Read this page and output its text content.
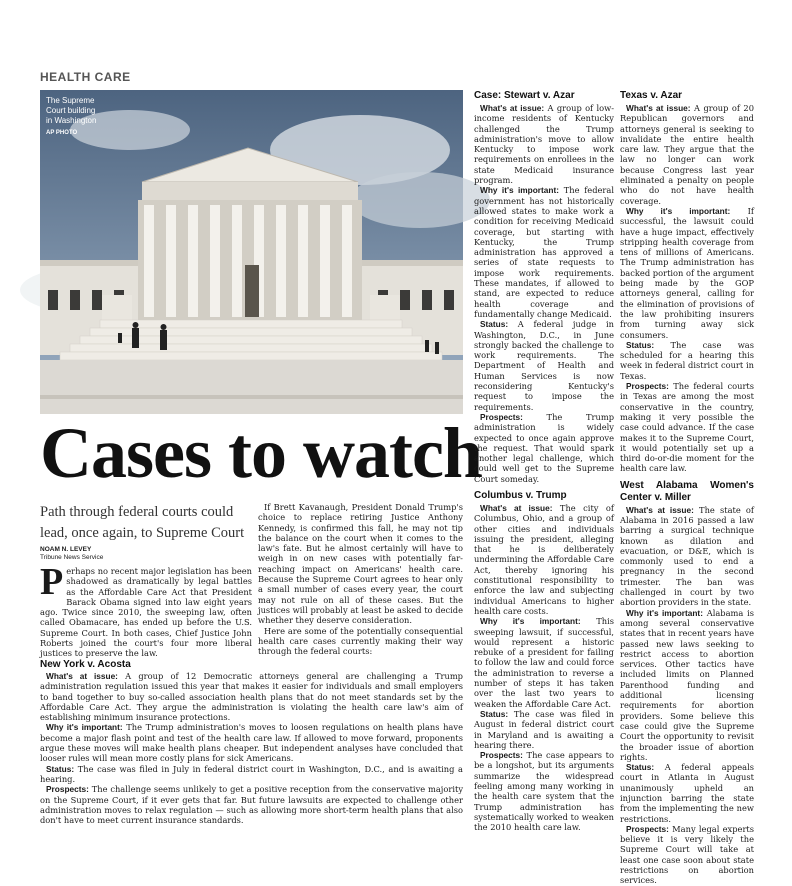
HEALTH CARE
The Supreme
Court building
in Washington
AP PHOTO
Cases to watch
Path through federal courts could lead, once again, to Supreme Court
NOAM N. LEVEY
Tribune News Service
P erhaps no recent major legislation has been shadowed as dramatically by legal battles as the Affordable Care Act that President Barack Obama signed into law eight years ago. Twice since 2010, the sweeping law, often called Obamacare, has ended up before the U.S. Supreme Court. In both cases, Chief Justice John Roberts joined the court's four more liberal justices to preserve the law.

If Brett Kavanaugh, President Donald Trump's choice to replace retiring Justice Anthony Kennedy, is confirmed this fall, he may not tip the balance on the court when it comes to the law's fate. But he almost certainly will have to weigh in on new cases with potentially far-reaching impact on Americans' health care. Because the Supreme Court agrees to hear only a small number of cases every year, the court may not rule on all of these cases. But the justices will probably at least be asked to decide whether they deserve consideration.

Here are some of the potentially consequential health care cases currently making their way through the federal courts:

New York v. Acosta

What's at issue: A group of 12 Democratic attorneys general are challenging a Trump administration regulation issued this year that makes it easier for individuals and small employers to band together to buy so-called association health plans that do not meet standards set by the Affordable Care Act. They argue the administration is violating the health care law's aim of establishing minimum insurance protections.

Why it's important: The Trump administration's moves to loosen regulations on health plans have become a major flash point and test of the health care law. If allowed to move forward, proponents argue these moves will make health plans cheaper. But independent analyses have concluded that looser rules will mean more costly plans for sick Americans.

Status: The case was filed in July in federal district court in Washington, D.C., and is awaiting a hearing.

Prospects: The challenge seems unlikely to get a positive reception from the conservative majority on the Supreme Court, if it ever gets that far. But future lawsuits are expected to challenge other administration moves to relax regulation — such as allowing more short-term health plans that also don't have to meet current insurance standards.

Case: Stewart v. Azar

What's at issue: A group of low-income residents of Kentucky challenged the Trump administration's move to allow Kentucky to impose work requirements on enrollees in the state Medicaid insurance program.

Why it's important: The federal government has not historically allowed states to make work a condition for receiving Medicaid coverage, but starting with Kentucky, the Trump administration has approved a series of state requests to impose work requirements. These mandates, if allowed to stand, are expected to reduce health coverage and fundamentally change Medicaid.

Status: A federal judge in Washington, D.C., in June strongly backed the challenge to work requirements. The Department of Health and Human Services is now reconsidering Kentucky's request to impose the requirements.

Prospects:	The Trump administration is widely expected to once again approve the request. That would spark another legal challenge, which could well get to the Supreme Court someday.

Columbus v. Trump

What's at issue: The city of Columbus, Ohio, and a group of other cities and individuals issuing the president, alleging that he is deliberately undermining the Affordable Care Act, thereby ignoring his constitutional responsibility to enforce the law and subjecting individual Americans to higher health care costs.

Why it's important: This sweeping lawsuit, if successful, would represent a historic rebuke of a president for failing to follow the law and could force the administration to reverse a number of steps it has taken over the last two years to weaken the Affordable Care Act.

Status: The case was filed in August in federal district court in Maryland and is awaiting a hearing there.

Prospects: The case appears to be a longshot, but its arguments summarize the widespread feeling among many working in the health care system that the Trump administration has systematically worked to weaken the 2010 health care law.

Texas v. Azar

What's at issue: A group of 20 Republican governors and attorneys general is seeking to invalidate the entire health care law. They argue that the law no longer can work because Congress last year eliminated a penalty on people who do not have health coverage.

Why it's important: If successful, the lawsuit could have a huge impact, effectively stripping health coverage from tens of millions of Americans. The Trump administration has backed portion of the argument being made by the GOP attorneys general, calling for the elimination of provisions of the law prohibiting insurers from turning away sick consumers.

Status: The case was scheduled for a hearing this week in federal district court in Texas.

Prospects: The federal courts in Texas are among the most conservative in the country, making it very possible the case could advance. If the case makes it to the Supreme Court, it would potentially set up a third do-or-die moment for the health care law.

West Alabama Women's Center v. Miller

What's at issue: The state of Alabama in 2016 passed a law barring a surgical technique known as dilation and evacuation, or D&E, which is commonly used to end a pregnancy in the second trimester. The ban was challenged in court by two abortion providers in the state.

Why it's important: Alabama is among several conservative states that in recent years have passed new laws seeking to restrict access to abortion services. Other tactics have included limits on Planned Parenthood funding and additional licensing requirements for abortion providers. Some believe this case could give the Supreme Court the opportunity to revisit the broader issue of abortion rights.

Status: A federal appeals court in Atlanta in August unanimously upheld an injunction barring the state from the implementing the new restrictions.

Prospects: Many legal experts believe it is very likely the Supreme Court will take at least one case soon about state restrictions on abortion services.
